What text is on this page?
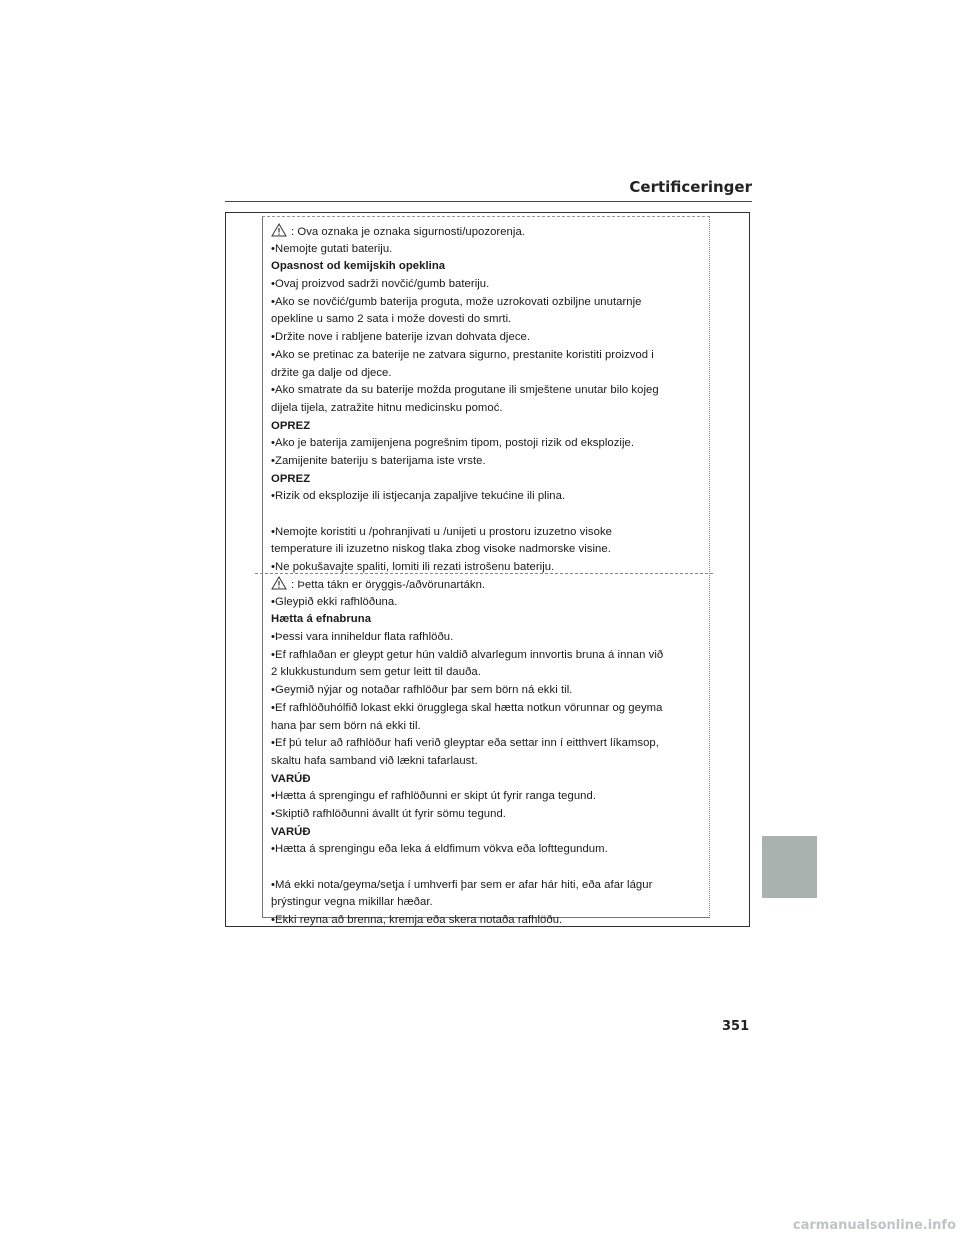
Certificeringer
: Ova oznaka je oznaka sigurnosti/upozorenja.
•Nemojte gutati bateriju.
Opasnost od kemijskih opeklina
•Ovaj proizvod sadrži novčić/gumb bateriju.
•Ako se novčić/gumb baterija proguta, može uzrokovati ozbiljne unutarnje
opekline u samo 2 sata i može dovesti do smrti.
•Držite nove i rabljene baterije izvan dohvata djece.
•Ako se pretinac za baterije ne zatvara sigurno, prestanite koristiti proizvod i
držite ga dalje od djece.
•Ako smatrate da su baterije možda progutane ili smještene unutar bilo kojeg
dijela tijela, zatražite hitnu medicinsku pomoć.
OPREZ
•Ako je baterija zamijenjena pogrešnim tipom, postoji rizik od eksplozije.
•Zamijenite bateriju s baterijama iste vrste.
OPREZ
•Rizik od eksplozije ili istjecanja zapaljive tekućine ili plina.
•Nemojte koristiti u /pohranjivati u /unijeti u prostoru izuzetno visoke
temperature ili izuzetno niskog tlaka zbog visoke nadmorske visine.
•Ne pokušavajte spaliti, lomiti ili rezati istrošenu bateriju.
: Þetta tákn er öryggis-/aðvörunartákn.
•Gleypið ekki rafhlöðuna.
Hætta á efnabruna
•Þessi vara inniheldur flata rafhlöðu.
•Ef rafhlaðan er gleypt getur hún valdið alvarlegum innvortis bruna á innan við
2 klukkustundum sem getur leitt til dauða.
•Geymið nýjar og notaðar rafhlöður þar sem börn ná ekki til.
•Ef rafhlöðuhólfið lokast ekki örugglega skal hætta notkun vörunnar og geyma
hana þar sem börn ná ekki til.
•Ef þú telur að rafhlöður hafi verið gleyptar eða settar inn í eitthvert líkamsop,
skaltu hafa samband við lækni tafarlaust.
VARÚÐ
•Hætta á sprengingu ef rafhlöðunni er skipt út fyrir ranga tegund.
•Skiptið rafhlöðunni ávallt út fyrir sömu tegund.
VARÚÐ
•Hætta á sprengingu eða leka á eldfimum vökva eða lofttegundum.
•Má ekki nota/geyma/setja í umhverfi þar sem er afar hár hiti, eða afar lágur
þrýstingur vegna mikillar hæðar.
•Ekki reyna að brenna, kremja eða skera notaða rafhlöðu.
351
carmanualsonline.info
